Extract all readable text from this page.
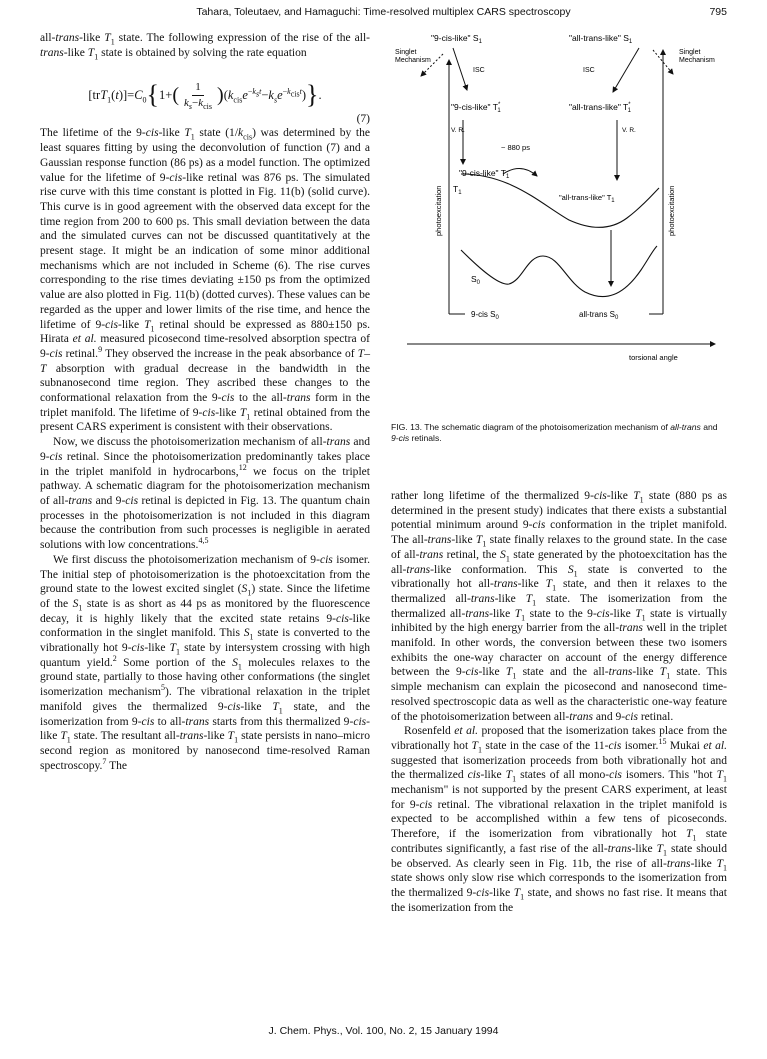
Tahara, Toleutaev, and Hamaguchi: Time-resolved multiplex CARS spectroscopy	795

all-trans-like $T_1$ state. The following expression of the rise of the all-trans-like $T_1$ state is obtained by solving the rate equation

$[trT_1(t)]=C_0$ { 1+ ( $\frac{1}{k_s-k_{cis}}$ ) $(k_{cis}e^{-k_st}-k_se^{-k_{cis}t})$ } .
(7)

The lifetime of the 9-cis-like $T_1$ state $(1/k_{cis})$ was determined by the least squares fitting by using the deconvolution of function (7) and a Gaussian response function (86 ps) as a model function. The optimized value for the lifetime of 9-cis-like retinal was 876 ps. The simulated rise curve with this time constant is plotted in Fig. 11(b) (solid curve). This curve is in good agreement with the observed data except for the time region from 200 to 600 ps. This small deviation between the data and the simulated curves can not be discussed quantitatively at the present stage. It might be an indication of some minor additional mechanisms which are not included in Scheme (6). The rise curves corresponding to the rise times deviating ±150 ps from the optimized value are also plotted in Fig. 11(b) (dotted curves). These values can be regarded as the upper and lower limits of the rise time, and hence the lifetime of 9-cis-like $T_1$ retinal should be expressed as 880±150 ps. Hirata et al. measured picosecond time-resolved absorption spectra of 9-cis retinal.$^9$ They observed the increase in the peak absorbance of T–T absorption with gradual decrease in the bandwidth in the subnanosecond time region. They ascribed these changes to the conformational relaxation from the 9-cis to the all-trans form in the triplet manifold. The lifetime of 9-cis-like $T_1$ retinal obtained from the present CARS experiment is consistent with their observations.

Now, we discuss the photoisomerization mechanism of all-trans and 9-cis retinal. Since the photoisomerization predominantly takes place in the triplet manifold in hydrocarbons,$^{12}$ we focus on the triplet pathway. A schematic diagram for the photoisomerization mechanism of all-trans and 9-cis retinal is depicted in Fig. 13. The quantum chain processes in the photoisomerization is not included in this diagram because the contribution from such processes is negligible in aerated solutions with low concentrations.$^{4,5}$

We first discuss the photoisomerization mechanism of 9-cis isomer. The initial step of photoisomerization is the photoexcitation from the ground state to the lowest excited singlet $(S_1)$ state. Since the lifetime of the $S_1$ state is as short as 44 ps as monitored by the fluorescence decay, it is highly likely that the excited state retains 9-cis-like conformation in the singlet manifold. This $S_1$ state is converted to the vibrationally hot 9-cis-like $T_1$ state by intersystem crossing with high quantum yield.$^2$ Some portion of the $S_1$ molecules relaxes to the ground state, partially to those having other conformations (the singlet isomerization mechanism$^5$). The vibrational relaxation in the triplet manifold gives the thermalized 9-cis-like $T_1$ state, and the isomerization from 9-cis to all-trans starts from this thermalized 9-cis-like $T_1$ state. The resultant all-trans-like $T_1$ state persists in nano–micro second region as monitored by nanosecond time-resolved Raman spectroscopy.$^7$ The

"9-cis-like" $S_1$	"all-trans-like" $S_1$
Singlet Mechanism
Singlet Mechanism
ISC	ISC
"9-cis-like" T* 1	"all-trans-like" T* 1
V. R.	V. R.
~ 880 ps
"9-cis-like" $T_1$
$T_1$	"all-trans-like" $T_1$
$S_0$
photoexcitation	photoexcitation
9-cis $S_0$	all-trans $S_0$
torsional angle
FIG. 13. The schematic diagram of the photoisomerization mechanism of all-trans and 9-cis retinals.

rather long lifetime of the thermalized 9-cis-like $T_1$ state (880 ps as determined in the present study) indicates that there exists a substantial potential minimum around 9-cis conformation in the triplet manifold. The all-trans-like $T_1$ state finally relaxes to the ground state. In the case of all-trans retinal, the $S_1$ state generated by the photoexcitation has the all-trans-like conformation. This $S_1$ state is converted to the vibrationally hot all-trans-like $T_1$ state, and then it relaxes to the thermalized all-trans-like $T_1$ state. The isomerization from the thermalized all-trans-like $T_1$ state to the 9-cis-like $T_1$ state is virtually inhibited by the high energy barrier from the all-trans well in the triplet manifold. In other words, the conversion between these two isomers exhibits the one-way character on account of the energy difference between the 9-cis-like $T_1$ state and the all-trans-like $T_1$ state. This simple mechanism can explain the picosecond and nanosecond time-resolved spectroscopic data as well as the characteristic one-way feature of the photoisomerization between all-trans and 9-cis retinal.

Rosenfeld et al. proposed that the isomerization takes place from the vibrationally hot $T_1$ state in the case of the 11-cis isomer.$^{15}$ Mukai et al. suggested that isomerization proceeds from both vibrationally hot and the thermalized cis-like $T_1$ states of all mono-cis isomers. This "hot $T_1$ mechanism" is not supported by the present CARS experiment, at least for 9-cis retinal. The vibrational relaxation in the triplet manifold is expected to be accomplished within a few tens of picoseconds. Therefore, if the isomerization from vibrationally hot $T_1$ state contributes significantly, a fast rise of the all-trans-like $T_1$ state should be observed. As clearly seen in Fig. 11b, the rise of all-trans-like $T_1$ state shows only slow rise which corresponds to the isomerization from the thermalized 9-cis-like $T_1$ state, and shows no fast rise. It means that the isomerization from the

J. Chem. Phys., Vol. 100, No. 2, 15 January 1994
